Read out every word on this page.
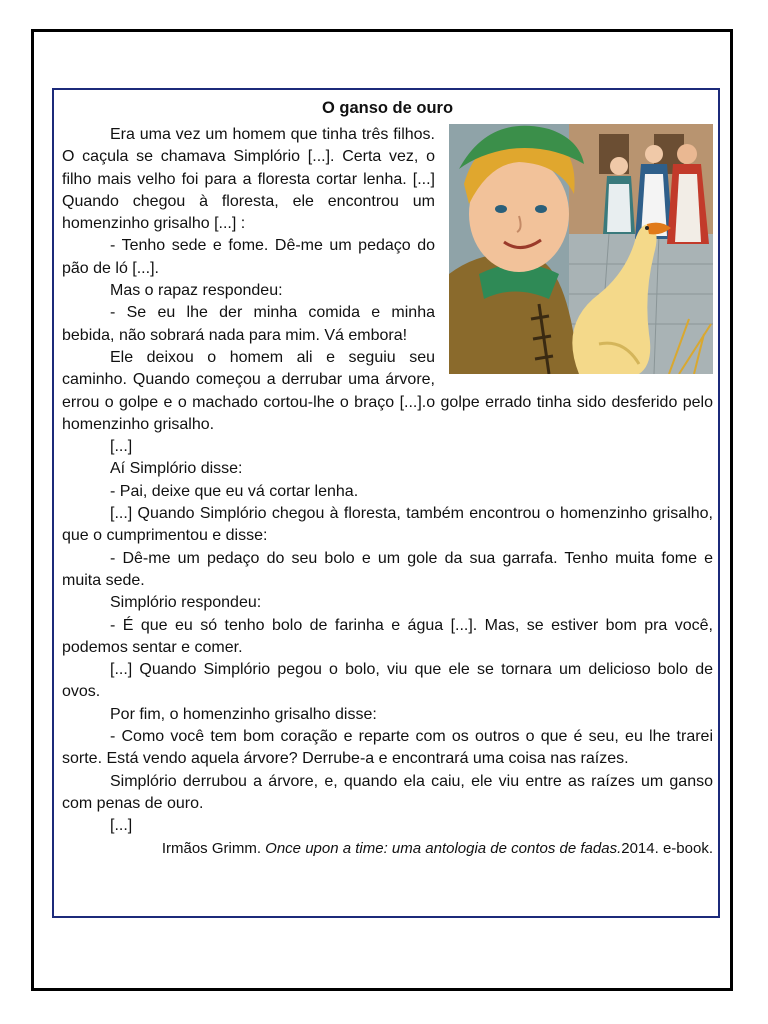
O ganso de ouro

Era uma vez um homem que tinha três filhos. O caçula se chamava Simplório [...]. Certa vez, o filho mais velho foi para a floresta cortar lenha. [...] Quando chegou à floresta, ele encontrou um homenzinho grisalho [...] :

- Tenho sede e fome. Dê-me um pedaço do pão de ló [...].

Mas o rapaz respondeu:

- Se eu lhe der minha comida e minha bebida, não sobrará nada para mim. Vá embora!

Ele deixou o homem ali e seguiu seu caminho. Quando começou a derrubar uma árvore, errou o golpe e o machado cortou-lhe o braço [...].o golpe errado tinha sido desferido pelo homenzinho grisalho.

[...]

Aí Simplório disse:

- Pai, deixe que eu vá cortar lenha.

[...] Quando Simplório chegou à floresta, também encontrou o homenzinho grisalho, que o cumprimentou e disse:

- Dê-me um pedaço do seu bolo e um gole da sua garrafa. Tenho muita fome e muita sede.

Simplório respondeu:

- É que eu só tenho bolo de farinha e água [...]. Mas, se estiver bom pra você, podemos sentar e comer.

[...] Quando Simplório pegou o bolo, viu que ele se tornara um delicioso bolo de ovos.

Por fim, o homenzinho grisalho disse:

- Como você tem bom coração e reparte com os outros o que é seu, eu lhe trarei sorte. Está vendo aquela árvore? Derrube-a e encontrará uma coisa nas raízes.

Simplório derrubou a árvore, e, quando ela caiu, ele viu entre as raízes um ganso com penas de ouro.

[...]

Irmãos Grimm. Once upon a time: uma antologia de contos de fadas.2014. e-book.
